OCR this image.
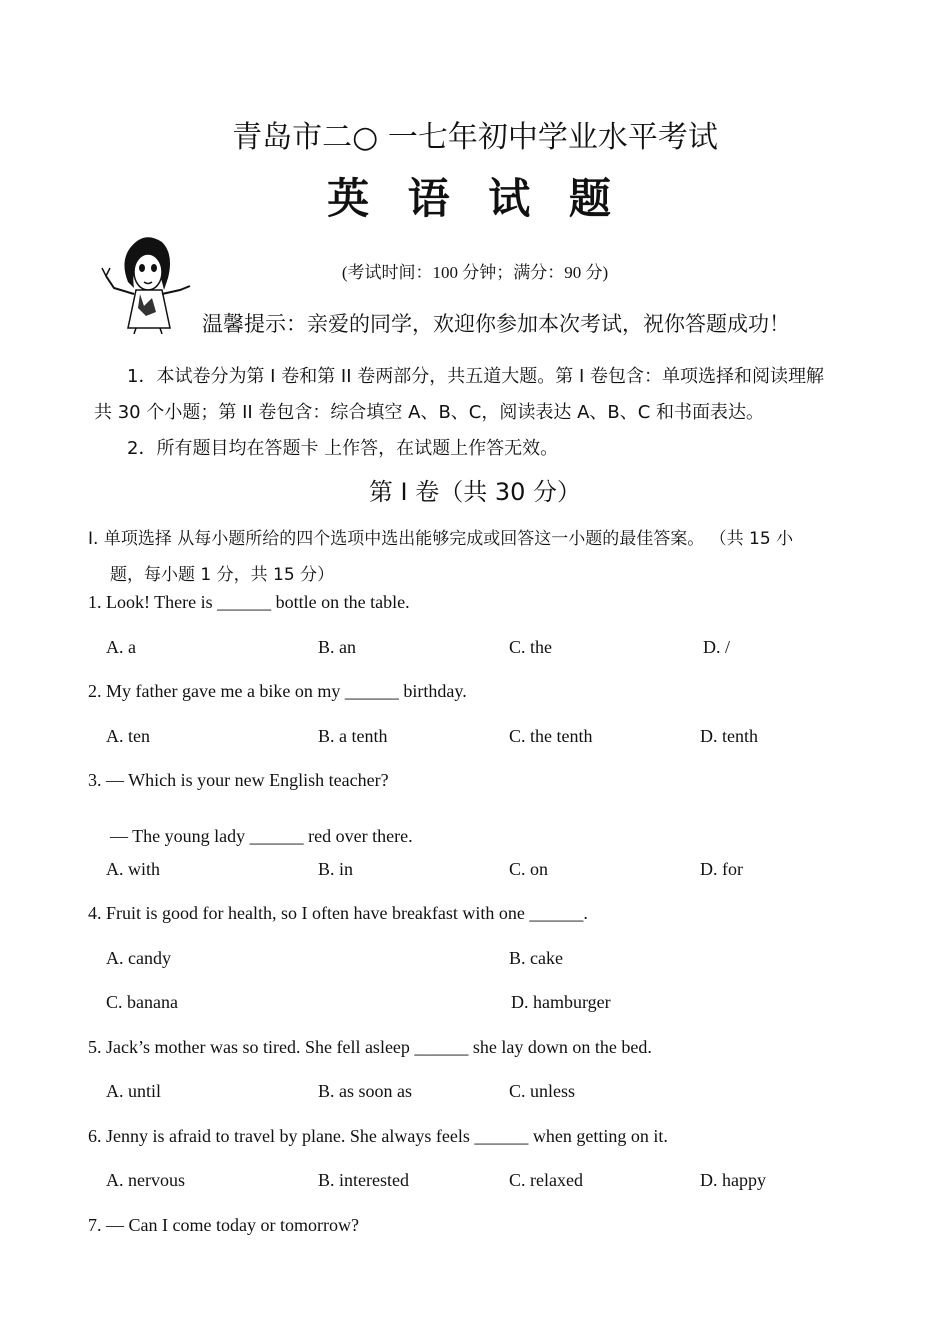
青岛市二○ 一七年初中学业水平考试
英 语 试 题
(考试时间：100 分钟；满分：90 分)
温馨提示：亲爱的同学，欢迎你参加本次考试，祝你答题成功！
1．本试卷分为第 I 卷和第 II 卷两部分，共五道大题。第 I 卷包含：单项选择和阅读理解
共 30 个小题；第 II 卷包含：综合填空 A、B、C，阅读表达 A、B、C 和书面表达。
2．所有题目均在答题卡 上作答，在试题上作答无效。
第 I 卷（共 30 分）
I. 单项选择 从每小题所给的四个选项中选出能够完成或回答这一小题的最佳答案。 （共 15 小
题，每小题 1 分，共 15 分）
1. Look! There is ______ bottle on the table.
A. a	B. an	C. the	D. /
2. My father gave me a bike on my ______ birthday.
A. ten	B. a tenth	C. the tenth	D. tenth
3. — Which is your new English teacher?
— The young lady ______ red over there.
A. with	B. in	C. on	D. for
4. Fruit is good for health, so I often have breakfast with one ______.
A. candy	B. cake
C. banana	D. hamburger
5. Jack’s mother was so tired. She fell asleep ______ she lay down on the bed.
A. until	B. as soon as	C. unless
6. Jenny is afraid to travel by plane. She always feels ______ when getting on it.
A. nervous	B. interested	C. relaxed	D. happy
7. — Can I come today or tomorrow?
